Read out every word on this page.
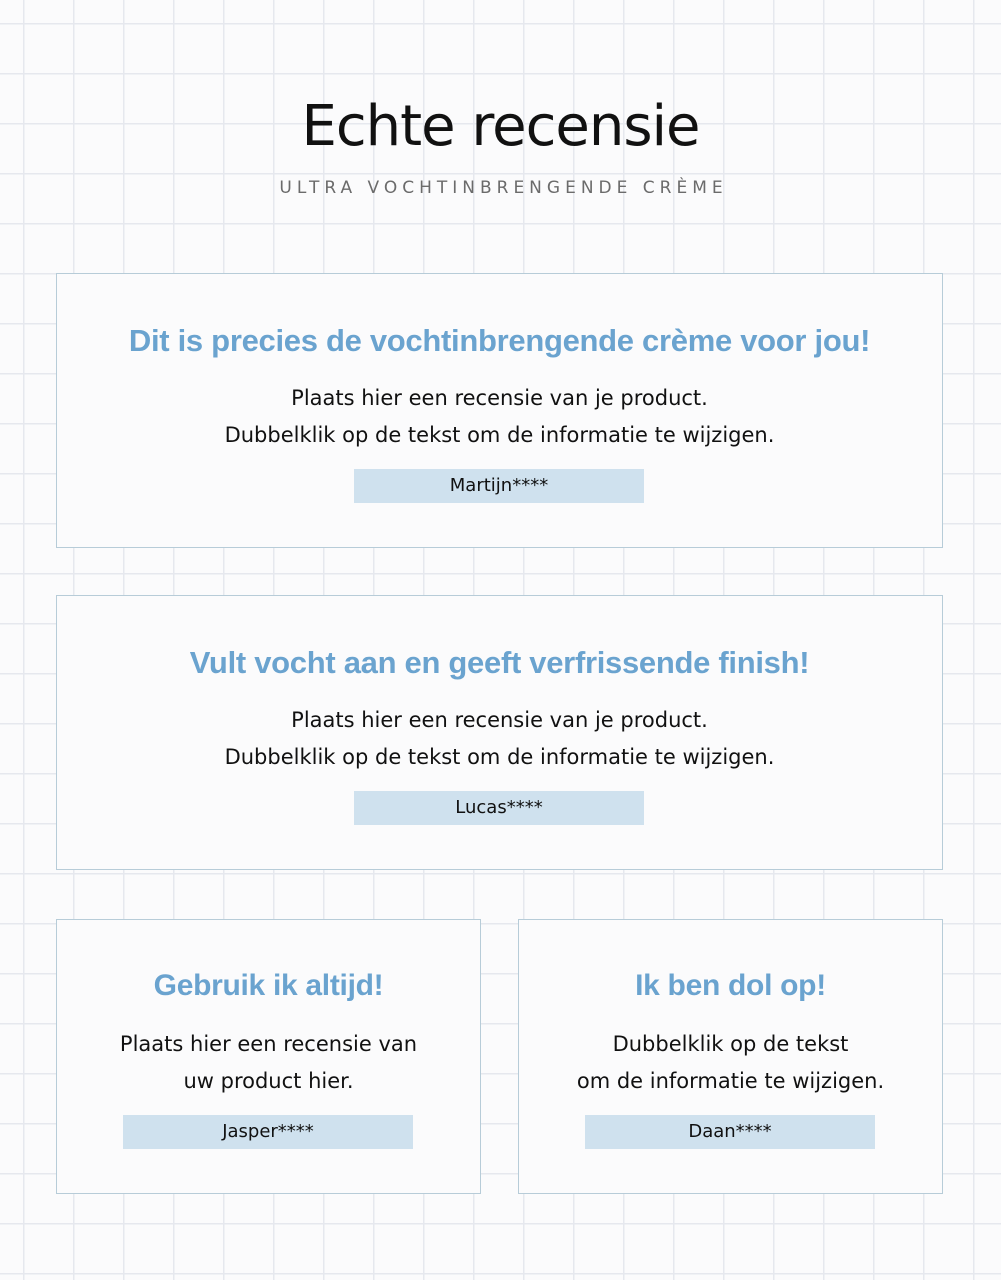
Echte recensie
ULTRA VOCHTINBRENGENDE CRÈME
Dit is precies de vochtinbrengende crème voor jou!
Plaats hier een recensie van je product.
Dubbelklik op de tekst om de informatie te wijzigen.
Martijn****
Vult vocht aan en geeft verfrissende finish!
Plaats hier een recensie van je product.
Dubbelklik op de tekst om de informatie te wijzigen.
Lucas****
Gebruik ik altijd!
Plaats hier een recensie van
uw product hier.
Jasper****
Ik ben dol op!
Dubbelklik op de tekst
om de informatie te wijzigen.
Daan****
